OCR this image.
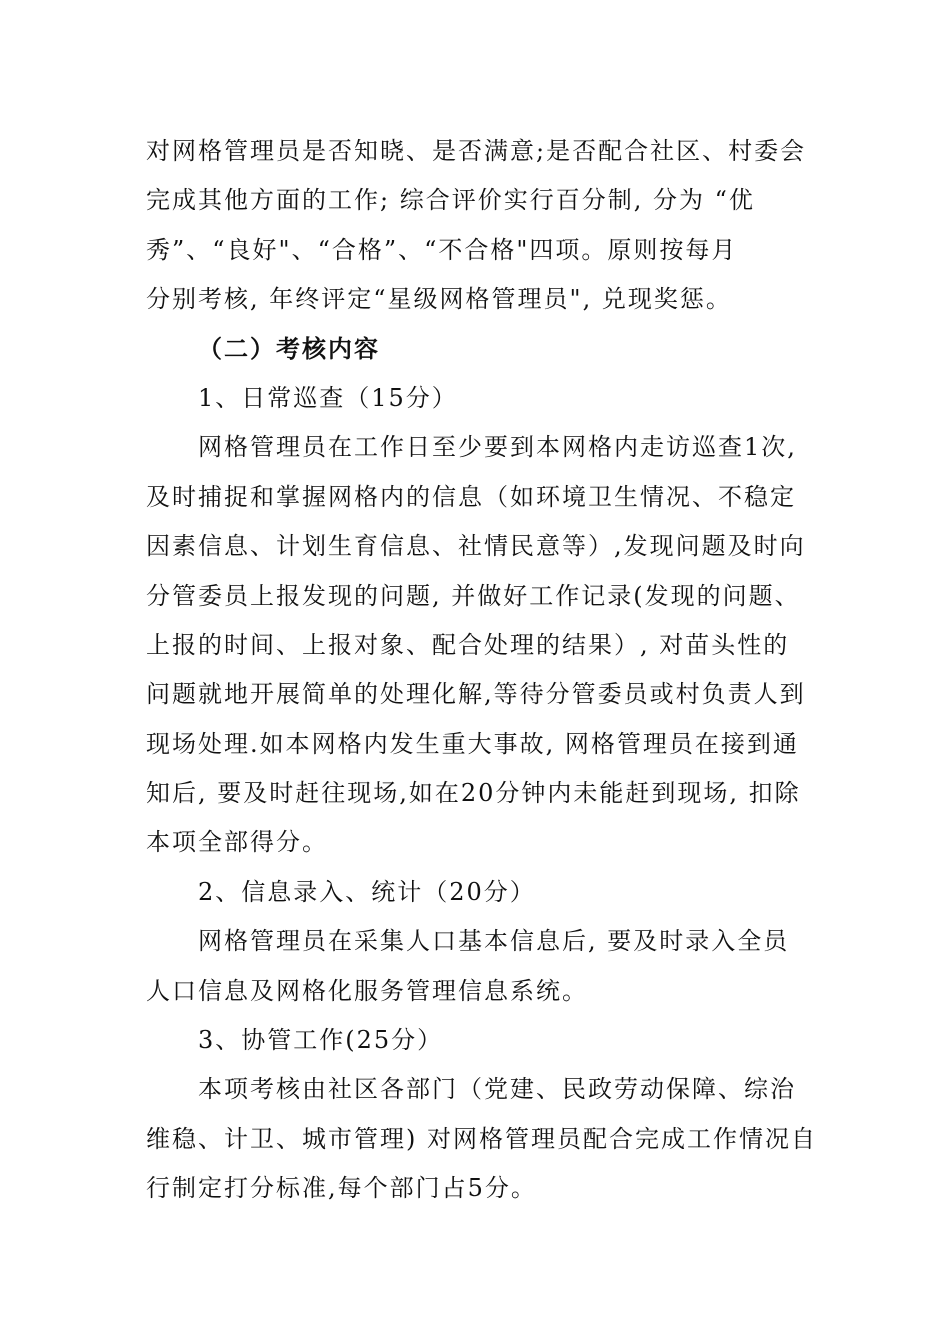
对网格管理员是否知晓、是否满意;是否配合社区、村委会
完成其他方面的工作; 综合评价实行百分制, 分为 “优
秀”、“良好"、“合格”、“不合格"四项。原则按每月
分别考核, 年终评定“星级网格管理员", 兑现奖惩。
（二）考核内容
1、日常巡查（15分）
网格管理员在工作日至少要到本网格内走访巡查1次,
及时捕捉和掌握网格内的信息（如环境卫生情况、不稳定
因素信息、计划生育信息、社情民意等）,发现问题及时向
分管委员上报发现的问题, 并做好工作记录(发现的问题、
上报的时间、上报对象、配合处理的结果）, 对苗头性的
问题就地开展简单的处理化解,等待分管委员或村负责人到
现场处理.如本网格内发生重大事故, 网格管理员在接到通
知后, 要及时赶往现场,如在20分钟内未能赶到现场, 扣除
本项全部得分。
2、信息录入、统计（20分）
网格管理员在采集人口基本信息后, 要及时录入全员
人口信息及网格化服务管理信息系统。
3、协管工作(25分）
本项考核由社区各部门（党建、民政劳动保障、综治
维稳、计卫、城市管理) 对网格管理员配合完成工作情况自
行制定打分标准,每个部门占5分。
